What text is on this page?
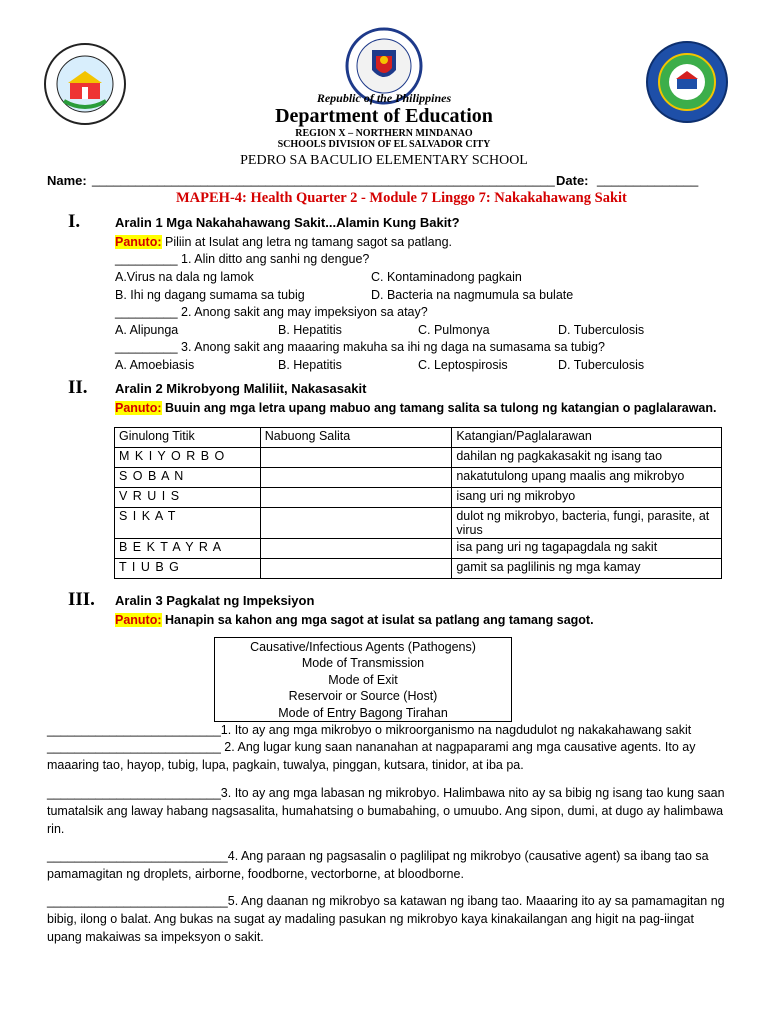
Republic of the Philippines
Department of Education
REGION X – NORTHERN MINDANAO
SCHOOLS DIVISION OF EL SALVADOR CITY
PEDRO SA BACULIO ELEMENTARY SCHOOL
Name: ________________________________________________________________ Date: ______________
MAPEH-4: Health Quarter 2 - Module 7 Linggo 7: Nakakahawang Sakit
I.	Aralin 1 Mga Nakahahawang Sakit...Alamin Kung Bakit?
Panuto: Piliin at Isulat ang letra ng tamang sagot sa patlang.
_________ 1. Alin ditto ang sanhi ng dengue?
A.Virus na dala ng lamok	C. Kontaminadong pagkain
B. Ihi ng dagang sumama sa tubig	D. Bacteria na nagmumula sa bulate
_________ 2. Anong sakit ang may impeksiyon sa atay?
A. Alipunga	B. Hepatitis	C. Pulmonya	D. Tuberculosis
_________ 3. Anong sakit ang maaaring makuha sa ihi ng daga na sumasama sa tubig?
A. Amoebiasis	B. Hepatitis	C. Leptospirosis	D. Tuberculosis
II. Aralin 2 Mikrobyong Maliliit, Nakasasakit
Panuto: Buuin ang mga letra upang mabuo ang tamang salita sa tulong ng katangian o paglalarawan.
Ginulong Titik	Nabuong Salita	Katangian/Paglalarawan
M K I Y O R B O		dahilan ng pagkakasakit ng isang tao
S O B A N		nakatutulong upang maalis ang mikrobyo
V R U I S		isang uri ng mikrobyo
S I K A T		dulot ng mikrobyo, bacteria, fungi, parasite, at virus
B E K T A Y R A		isa pang uri ng tagapagdala ng sakit
T I U B G		gamit sa paglilinis ng mga kamay
III. Aralin 3 Pagkalat ng Impeksiyon
Panuto: Hanapin sa kahon ang mga sagot at isulat sa patlang ang tamang sagot.
Causative/Infectious Agents (Pathogens)
Mode of Transmission
Mode of Exit
Reservoir or Source (Host)
Mode of Entry Bagong Tirahan
_________________________1. Ito ay ang mga mikrobyo o mikroorganismo na nagdudulot ng nakakahawang sakit
_________________________ 2. Ang lugar kung saan nananahan at nagpaparami ang mga causative agents. Ito ay maaaring tao, hayop, tubig, lupa, pagkain, tuwalya, pinggan, kutsara, tinidor, at iba pa.
_________________________3. Ito ay ang mga labasan ng mikrobyo. Halimbawa nito ay sa bibig ng isang tao kung saan tumatalsik ang laway habang nagsasalita, humahatsing o bumabahing, o umuubo. Ang sipon, dumi, at dugo ay halimbawa rin.
__________________________4. Ang paraan ng pagsasalin o paglilipat ng mikrobyo (causative agent) sa ibang tao sa pamamagitan ng droplets, airborne, foodborne, vectorborne, at bloodborne.
__________________________5. Ang daanan ng mikrobyo sa katawan ng ibang tao. Maaaring ito ay sa pamamagitan ng bibig, ilong o balat. Ang bukas na sugat ay madaling pasukan ng mikrobyo kaya kinakailangan ang higit na pag-iingat upang makaiwas sa impeksyon o sakit.
